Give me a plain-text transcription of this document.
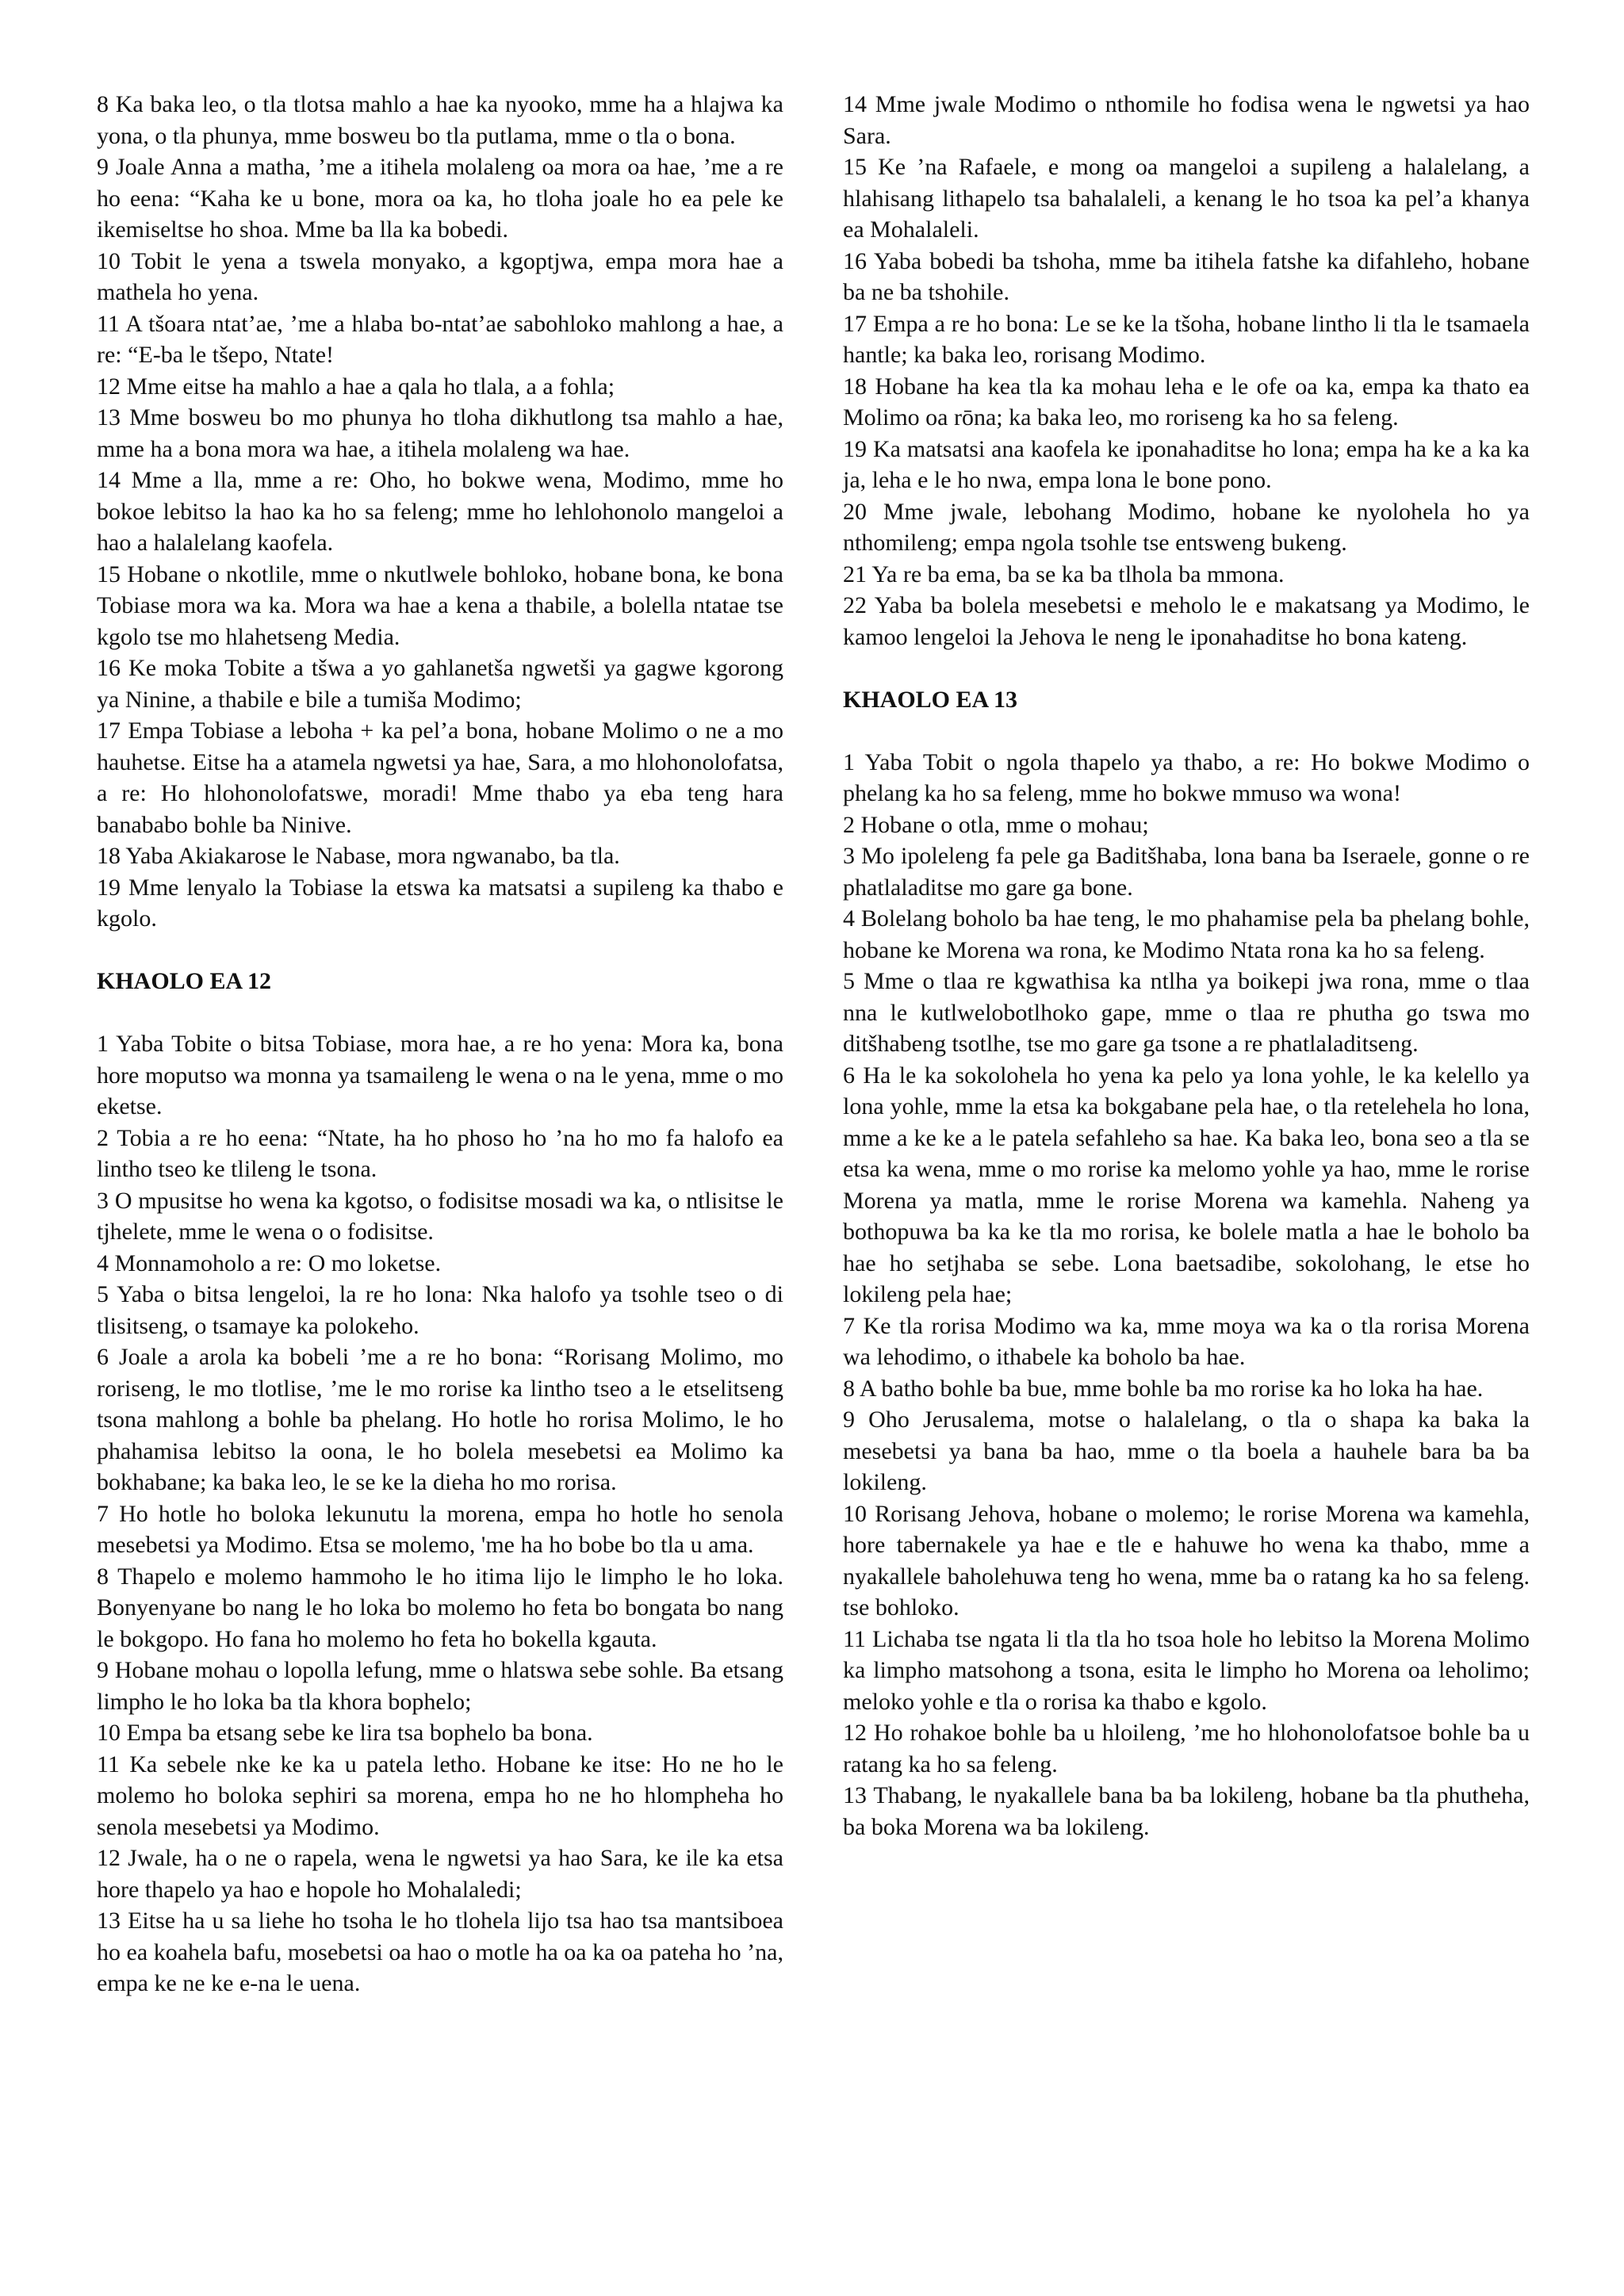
8 Ka baka leo, o tla tlotsa mahlo a hae ka nyooko, mme ha a hlajwa ka yona, o tla phunya, mme bosweu bo tla putlama, mme o tla o bona.

9 Joale Anna a matha, ’me a itihela molaleng oa mora oa hae, ’me a re ho eena: “Kaha ke u bone, mora oa ka, ho tloha joale ho ea pele ke ikemiseltse ho shoa. Mme ba lla ka bobedi.

10 Tobit le yena a tswela monyako, a kgoptjwa, empa mora hae a mathela ho yena.

11 A tšoara ntat’ae, ’me a hlaba bo-ntat’ae sabohloko mahlong a hae, a re: “E-ba le tšepo, Ntate!

12 Mme eitse ha mahlo a hae a qala ho tlala, a a fohla;

13 Mme bosweu bo mo phunya ho tloha dikhutlong tsa mahlo a hae, mme ha a bona mora wa hae, a itihela molaleng wa hae.

14 Mme a lla, mme a re: Oho, ho bokwe wena, Modimo, mme ho bokoe lebitso la hao ka ho sa feleng; mme ho lehlohonolo mangeloi a hao a halalelang kaofela.

15 Hobane o nkotlile, mme o nkutlwele bohloko, hobane bona, ke bona Tobiase mora wa ka. Mora wa hae a kena a thabile, a bolella ntatae tse kgolo tse mo hlahetseng Media.

16 Ke moka Tobite a tšwa a yo gahlanetša ngwetši ya gagwe kgorong ya Ninine, a thabile e bile a tumiša Modimo;

17 Empa Tobiase a leboha + ka pel’a bona, hobane Molimo o ne a mo hauhetse. Eitse ha a atamela ngwetsi ya hae, Sara, a mo hlohonolofatsa, a re: Ho hlohonolofatswe, moradi! Mme thabo ya eba teng hara banababo bohle ba Ninive.

18 Yaba Akiakarose le Nabase, mora ngwanabo, ba tla.

19 Mme lenyalo la Tobiase la etswa ka matsatsi a supileng ka thabo e kgolo.

KHAOLO EA 12

1 Yaba Tobite o bitsa Tobiase, mora hae, a re ho yena: Mora ka, bona hore moputso wa monna ya tsamaileng le wena o na le yena, mme o mo eketse.

2 Tobia a re ho eena: “Ntate, ha ho phoso ho ’na ho mo fa halofo ea lintho tseo ke tlileng le tsona.

3 O mpusitse ho wena ka kgotso, o fodisitse mosadi wa ka, o ntlisitse le tjhelete, mme le wena o o fodisitse.

4 Monnamoholo a re: O mo loketse.

5 Yaba o bitsa lengeloi, la re ho lona: Nka halofo ya tsohle tseo o di tlisitseng, o tsamaye ka polokeho.

6 Joale a arola ka bobeli ’me a re ho bona: “Rorisang Molimo, mo roriseng, le mo tlotlise, ’me le mo rorise ka lintho tseo a le etselitseng tsona mahlong a bohle ba phelang. Ho hotle ho rorisa Molimo, le ho phahamisa lebitso la oona, le ho bolela mesebetsi ea Molimo ka bokhabane; ka baka leo, le se ke la dieha ho mo rorisa.

7 Ho hotle ho boloka lekunutu la morena, empa ho hotle ho senola mesebetsi ya Modimo. Etsa se molemo, 'me ha ho bobe bo tla u ama.

8 Thapelo e molemo hammoho le ho itima lijo le limpho le ho loka. Bonyenyane bo nang le ho loka bo molemo ho feta bo bongata bo nang le bokgopo. Ho fana ho molemo ho feta ho bokella kgauta.

9 Hobane mohau o lopolla lefung, mme o hlatswa sebe sohle. Ba etsang limpho le ho loka ba tla khora bophelo;

10 Empa ba etsang sebe ke lira tsa bophelo ba bona.

11 Ka sebele nke ke ka u patela letho. Hobane ke itse: Ho ne ho le molemo ho boloka sephiri sa morena, empa ho ne ho hlompheha ho senola mesebetsi ya Modimo.

12 Jwale, ha o ne o rapela, wena le ngwetsi ya hao Sara, ke ile ka etsa hore thapelo ya hao e hopole ho Mohalaledi;

13 Eitse ha u sa liehe ho tsoha le ho tlohela lijo tsa hao tsa mantsiboea ho ea koahela bafu, mosebetsi oa hao o motle ha oa ka oa pateha ho ’na, empa ke ne ke e-na le uena.

14 Mme jwale Modimo o nthomile ho fodisa wena le ngwetsi ya hao Sara.

15 Ke ’na Rafaele, e mong oa mangeloi a supileng a halalelang, a hlahisang lithapelo tsa bahalaleli, a kenang le ho tsoa ka pel’a khanya ea Mohalaleli.

16 Yaba bobedi ba tshoha, mme ba itihela fatshe ka difahleho, hobane ba ne ba tshohile.

17 Empa a re ho bona: Le se ke la tšoha, hobane lintho li tla le tsamaela hantle; ka baka leo, rorisang Modimo.

18 Hobane ha kea tla ka mohau leha e le ofe oa ka, empa ka thato ea Molimo oa rōna; ka baka leo, mo roriseng ka ho sa feleng.

19 Ka matsatsi ana kaofela ke iponahaditse ho lona; empa ha ke a ka ka ja, leha e le ho nwa, empa lona le bone pono.

20 Mme jwale, lebohang Modimo, hobane ke nyolohela ho ya nthomileng; empa ngola tsohle tse entsweng bukeng.

21 Ya re ba ema, ba se ka ba tlhola ba mmona.

22 Yaba ba bolela mesebetsi e meholo le e makatsang ya Modimo, le kamoo lengeloi la Jehova le neng le iponahaditse ho bona kateng.

KHAOLO EA 13

1 Yaba Tobit o ngola thapelo ya thabo, a re: Ho bokwe Modimo o phelang ka ho sa feleng, mme ho bokwe mmuso wa wona!

2 Hobane o otla, mme o mohau;

3 Mo ipoleleng fa pele ga Baditšhaba, lona bana ba Iseraele, gonne o re phatlaladitse mo gare ga bone.

4 Bolelang boholo ba hae teng, le mo phahamise pela ba phelang bohle, hobane ke Morena wa rona, ke Modimo Ntata rona ka ho sa feleng.

5 Mme o tlaa re kgwathisa ka ntlha ya boikepi jwa rona, mme o tlaa nna le kutlwelobotlhoko gape, mme o tlaa re phutha go tswa mo ditšhabeng tsotlhe, tse mo gare ga tsone a re phatlaladitseng.

6 Ha le ka sokolohela ho yena ka pelo ya lona yohle, le ka kelello ya lona yohle, mme la etsa ka bokgabane pela hae, o tla retelehela ho lona, mme a ke ke a le patela sefahleho sa hae. Ka baka leo, bona seo a tla se etsa ka wena, mme o mo rorise ka melomo yohle ya hao, mme le rorise Morena ya matla, mme le rorise Morena wa kamehla. Naheng ya bothopuwa ba ka ke tla mo rorisa, ke bolele matla a hae le boholo ba hae ho setjhaba se sebe. Lona baetsadibe, sokolohang, le etse ho lokileng pela hae;

7 Ke tla rorisa Modimo wa ka, mme moya wa ka o tla rorisa Morena wa lehodimo, o ithabele ka boholo ba hae.

8 A batho bohle ba bue, mme bohle ba mo rorise ka ho loka ha hae.

9 Oho Jerusalema, motse o halalelang, o tla o shapa ka baka la mesebetsi ya bana ba hao, mme o tla boela a hauhele bara ba ba lokileng.

10 Rorisang Jehova, hobane o molemo; le rorise Morena wa kamehla, hore tabernakele ya hae e tle e hahuwe ho wena ka thabo, mme a nyakallele baholehuwa teng ho wena, mme ba o ratang ka ho sa feleng. tse bohloko.

11 Lichaba tse ngata li tla tla ho tsoa hole ho lebitso la Morena Molimo ka limpho matsohong a tsona, esita le limpho ho Morena oa leholimo; meloko yohle e tla o rorisa ka thabo e kgolo.

12 Ho rohakoe bohle ba u hloileng, ’me ho hlohonolofatsoe bohle ba u ratang ka ho sa feleng.

13 Thabang, le nyakallele bana ba ba lokileng, hobane ba tla phutheha, ba boka Morena wa ba lokileng.
